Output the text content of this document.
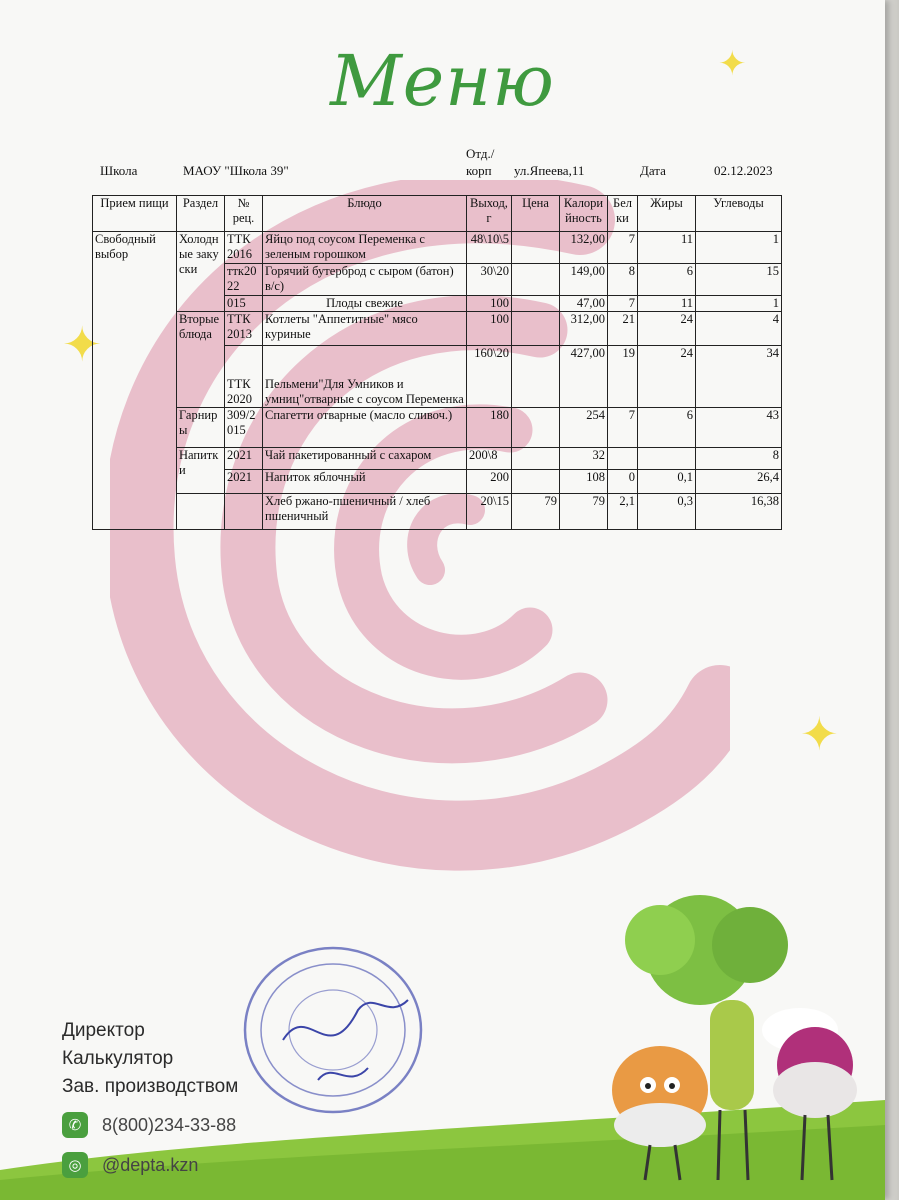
Меню	✦
✦
✦
Школа	МАОУ "Школа 39"
Отд./корп	ул.Япеева,11	Дата	02.12.2023
Прием пищи	Раздел	№ рец.	Блюдо	Выход, г	Цена	Калорийность	Белки	Жиры	Углеводы
Свободный выбор	Холодные закуски	ТТК 2016	Яйцо под соусом Переменка с зеленым горошком	48\10\5		132,00	7	11	1
		ттк2022	Горячий бутерброд с сыром (батон) в/с)	30\20		149,00	8	6	15
		015	Плоды свежие	100		47,00	7	11	1
	Вторые блюда	ТТК 2013	Котлеты "Аппетитные" мясо куриные	100		312,00	21	24	4
		ТТК 2020	Пельмени"Для Умников и умниц"отварные с соусом Переменка	160\20		427,00	19	24	34
	Гарниры	309/2015	Спагетти отварные (масло сливоч.)	180		254	7	6	43
	Напитки	2021	Чай пакетированный с сахаром	200\8		32			8
		2021	Напиток яблочный	200		108	0	0,1	26,4
			Хлеб ржано-пшеничный / хлеб пшеничный	20\15	79	79	2,1	0,3	16,38
Директор
Калькулятор
Зав. производством
✆	8(800)234-33-88
◎	@depta.kzn
